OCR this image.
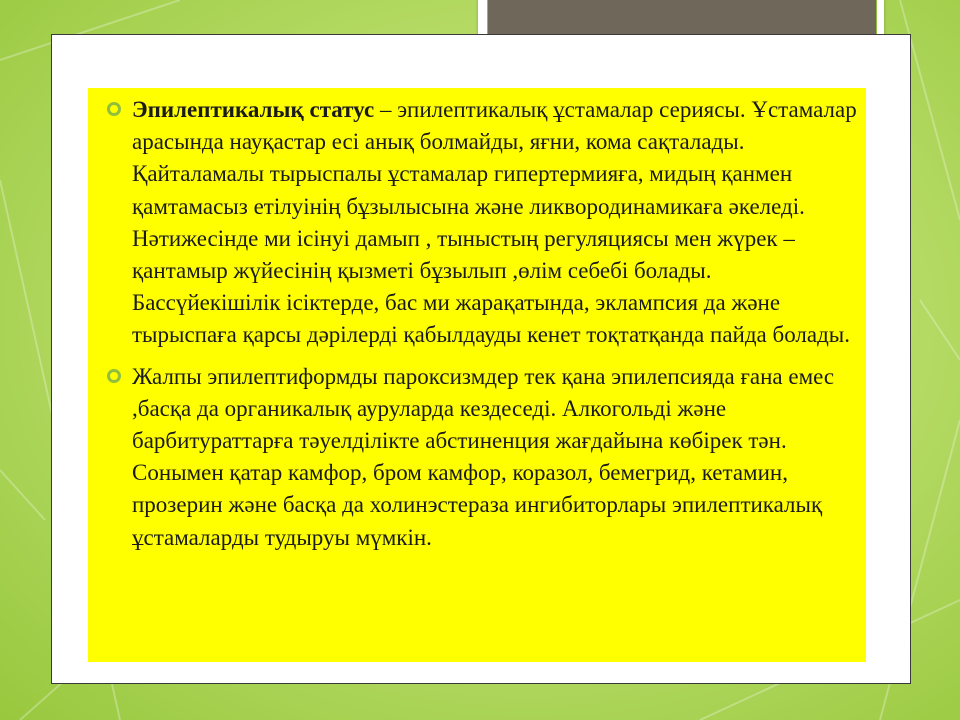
Эпилептикалық статус – эпилептикалық ұстамалар сериясы. Ұстамалар арасында науқастар есі анық болмайды, яғни, кома сақталады. Қайталамалы тырыспалы ұстамалар гипертермияға, мидың қанмен қамтамасыз етілуінің бұзылысына және ликвородинамикаға әкеледі. Нәтижесінде ми ісінуі дамып , тыныстың регуляциясы мен жүрек – қантамыр жүйесінің қызметі бұзылып ,өлім себебі болады. Бассүйекішілік ісіктерде, бас ми жарақатында, эклампсия да және тырыспаға қарсы дәрілерді қабылдауды кенет тоқтатқанда пайда болады.
Жалпы эпилептиформды пароксизмдер тек қана эпилепсияда ғана емес ,басқа да органикалық ауруларда кездеседі. Алкогольді және барбитураттарға тәуелділікте абстиненция жағдайына көбірек тән. Сонымен қатар камфор, бром камфор, коразол, бемегрид, кетамин, прозерин және басқа да холинэстераза ингибиторлары эпилептикалық ұстамаларды тудыруы мүмкін.
